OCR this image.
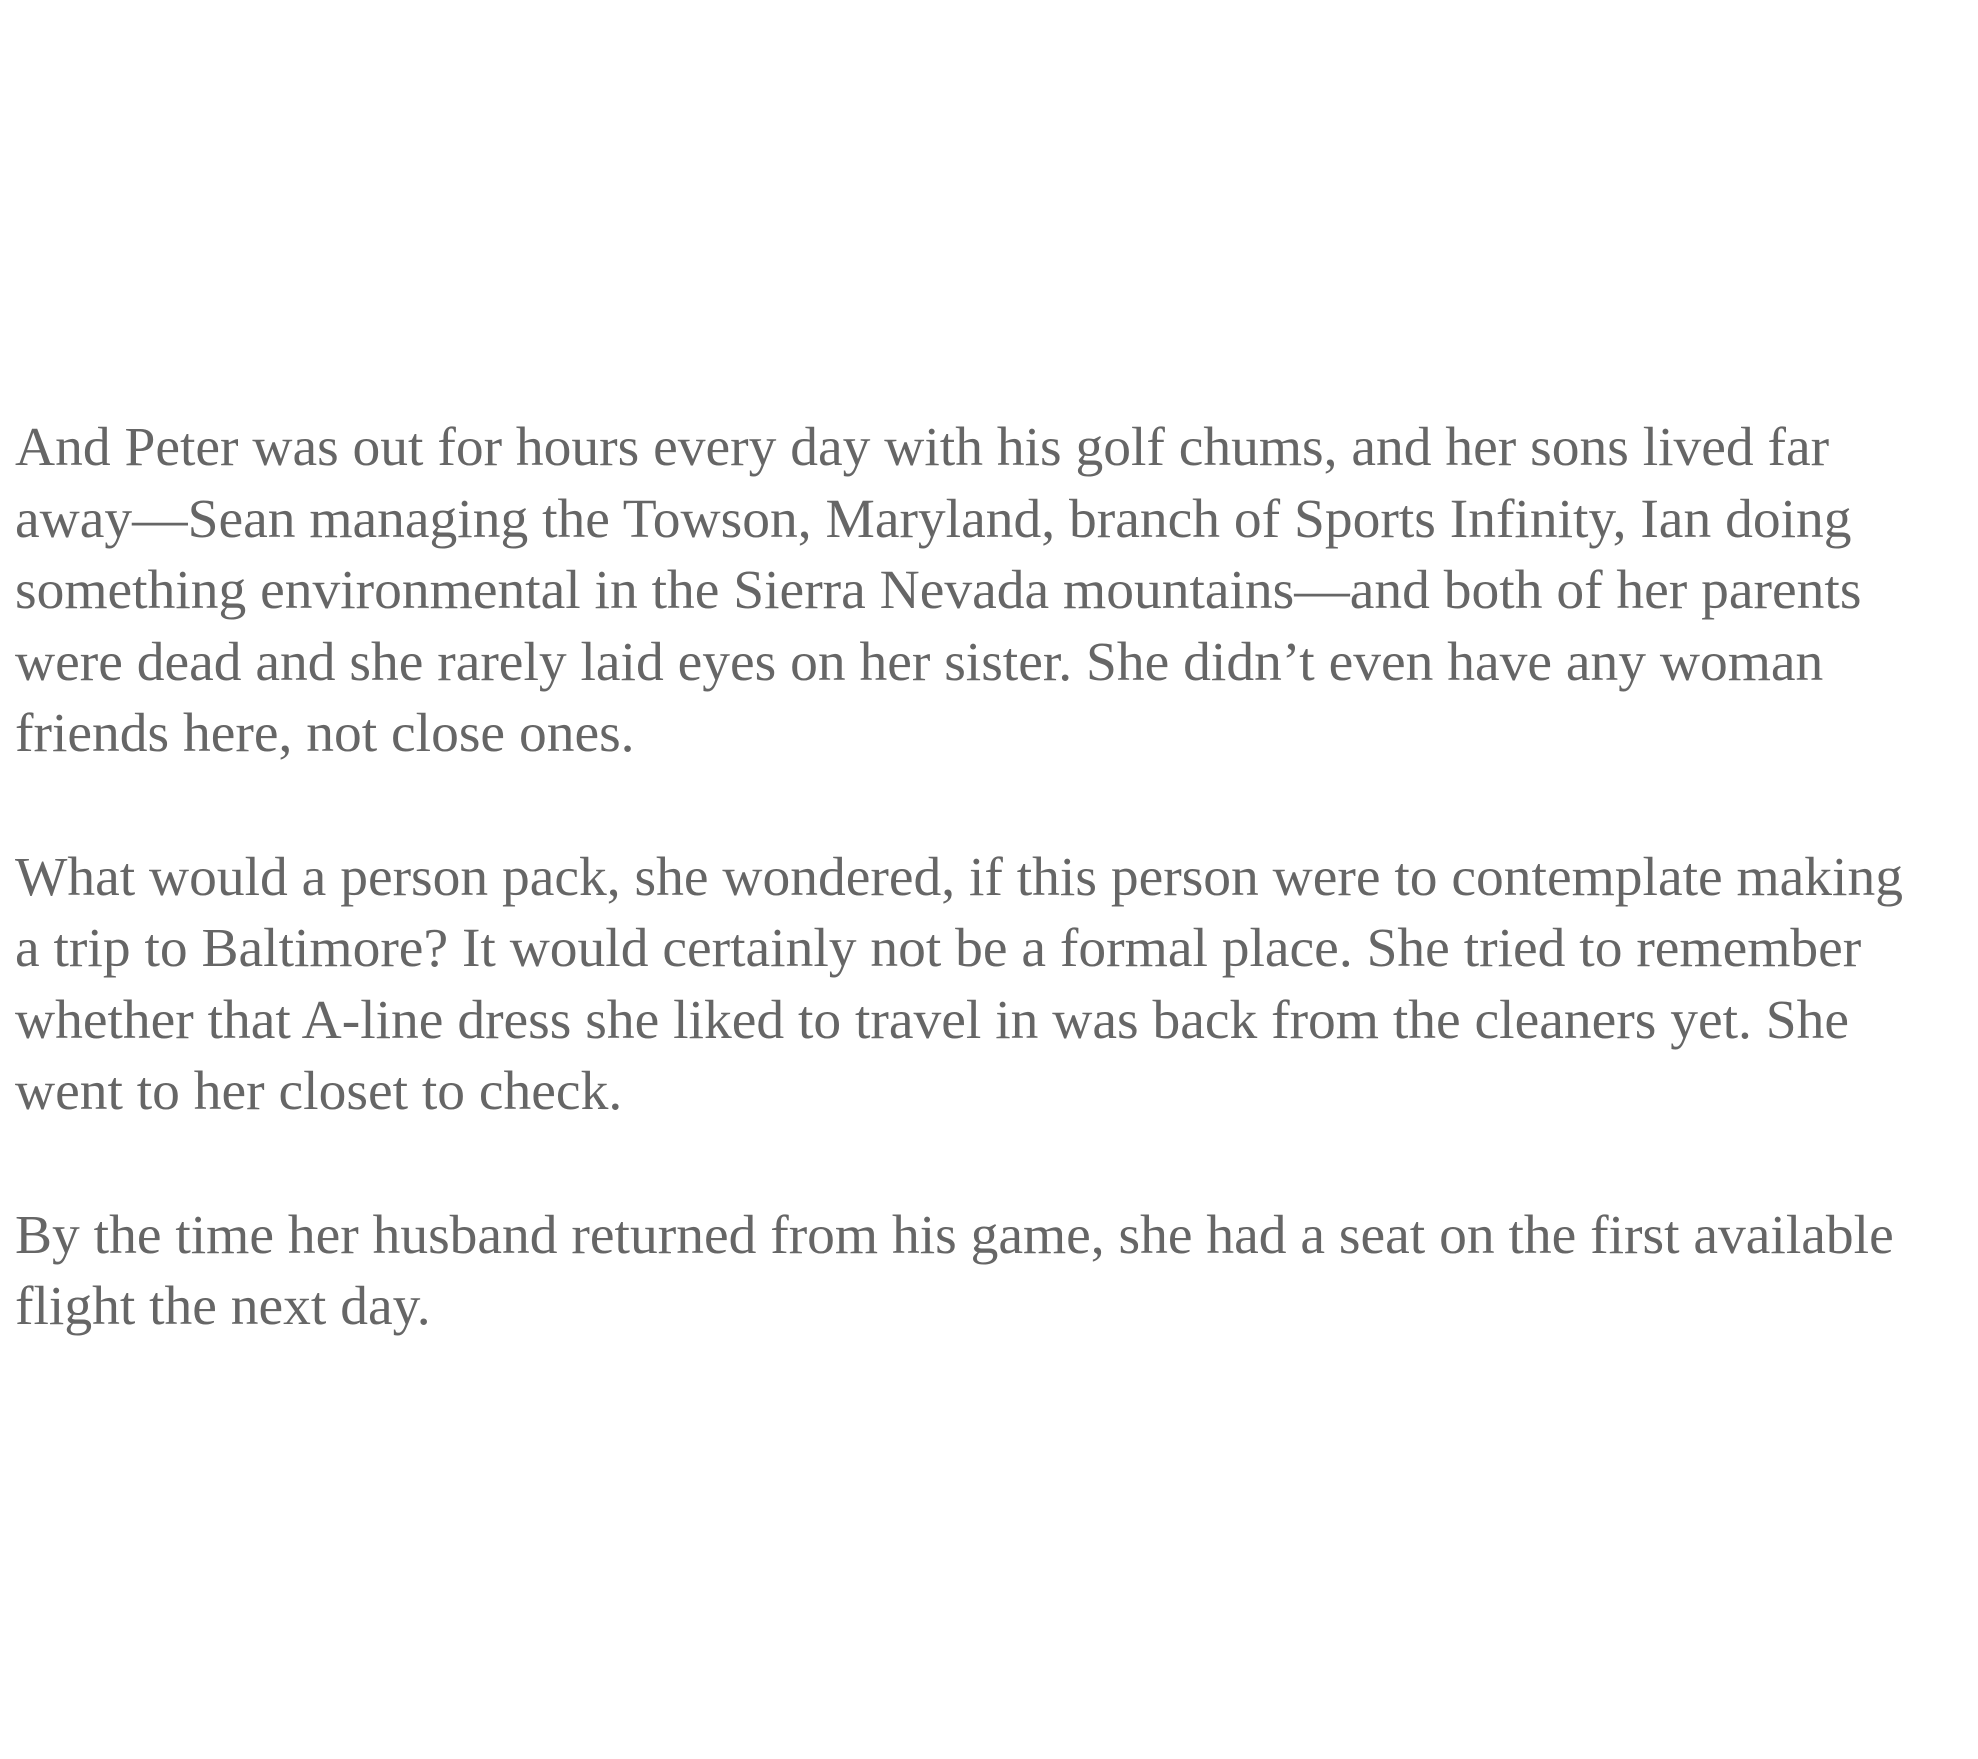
And Peter was out for hours every day with his golf chums, and her sons lived far
away—Sean managing the Towson, Maryland, branch of Sports Infinity, Ian doing
something environmental in the Sierra Nevada mountains—and both of her parents
were dead and she rarely laid eyes on her sister. She didn’t even have any woman
friends here, not close ones.

What would a person pack, she wondered, if this person were to contemplate making
a trip to Baltimore? It would certainly not be a formal place. She tried to remember
whether that A-line dress she liked to travel in was back from the cleaners yet. She
went to her closet to check.

By the time her husband returned from his game, she had a seat on the first available
flight the next day.
